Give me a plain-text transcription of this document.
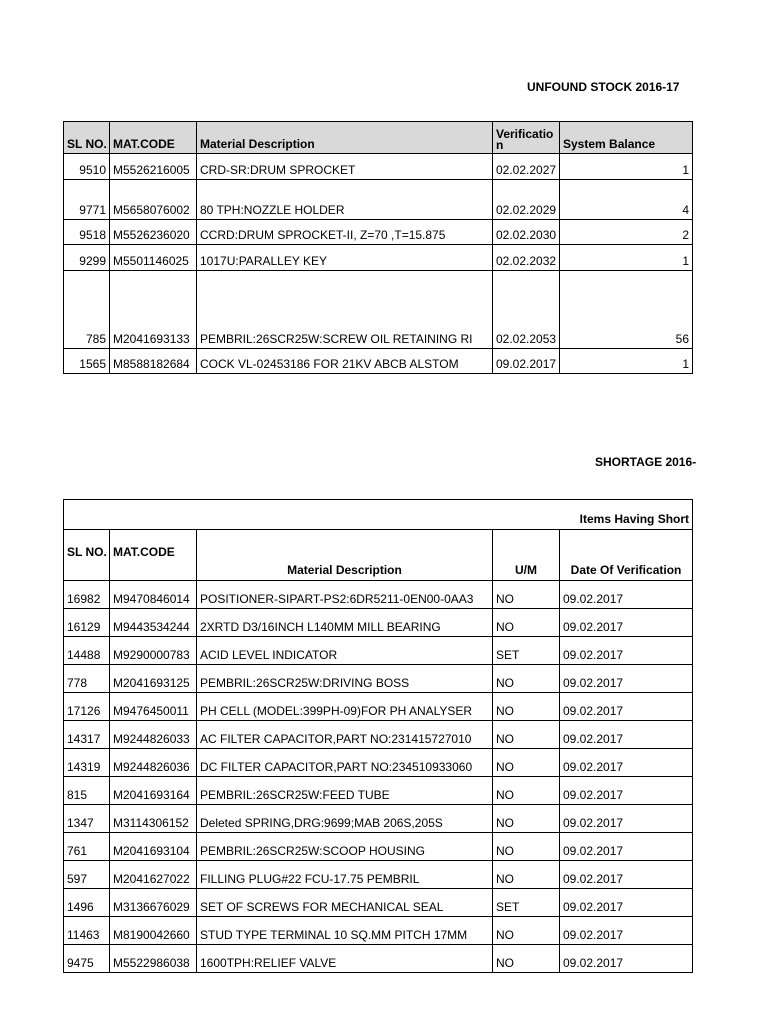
UNFOUND STOCK 2016-17
SL NO.	MAT.CODE	Material Description	Verificatio n	System Balance
9510	M5526216005	CRD-SR:DRUM SPROCKET	02.02.2027	1
9771	M5658076002	80 TPH:NOZZLE HOLDER	02.02.2029	4
9518	M5526236020	CCRD:DRUM SPROCKET-II, Z=70 ,T=15.875	02.02.2030	2
9299	M5501146025	1017U:PARALLEY KEY	02.02.2032	1
785	M2041693133	PEMBRIL:26SCR25W:SCREW OIL RETAINING RI	02.02.2053	56
1565	M8588182684	COCK VL-02453186 FOR 21KV ABCB ALSTOM	09.02.2017	1
SHORTAGE 2016-
Items Having Short				
SL NO.	MAT.CODE	Material Description	U/M	Date Of Verification
16982	M9470846014	POSITIONER-SIPART-PS2:6DR5211-0EN00-0AA3	NO	09.02.2017
16129	M9443534244	2XRTD D3/16INCH L140MM MILL BEARING	NO	09.02.2017
14488	M9290000783	ACID LEVEL INDICATOR	SET	09.02.2017
778	M2041693125	PEMBRIL:26SCR25W:DRIVING BOSS	NO	09.02.2017
17126	M9476450011	PH CELL (MODEL:399PH-09)FOR PH ANALYSER	NO	09.02.2017
14317	M9244826033	AC FILTER CAPACITOR,PART NO:231415727010	NO	09.02.2017
14319	M9244826036	DC FILTER CAPACITOR,PART NO:234510933060	NO	09.02.2017
815	M2041693164	PEMBRIL:26SCR25W:FEED TUBE	NO	09.02.2017
1347	M3114306152	Deleted SPRING,DRG:9699;MAB 206S,205S	NO	09.02.2017
761	M2041693104	PEMBRIL:26SCR25W:SCOOP HOUSING	NO	09.02.2017
597	M2041627022	FILLING PLUG#22 FCU-17.75 PEMBRIL	NO	09.02.2017
1496	M3136676029	SET OF SCREWS FOR MECHANICAL SEAL	SET	09.02.2017
11463	M8190042660	STUD TYPE TERMINAL 10 SQ.MM PITCH 17MM	NO	09.02.2017
9475	M5522986038	1600TPH:RELIEF VALVE	NO	09.02.2017
